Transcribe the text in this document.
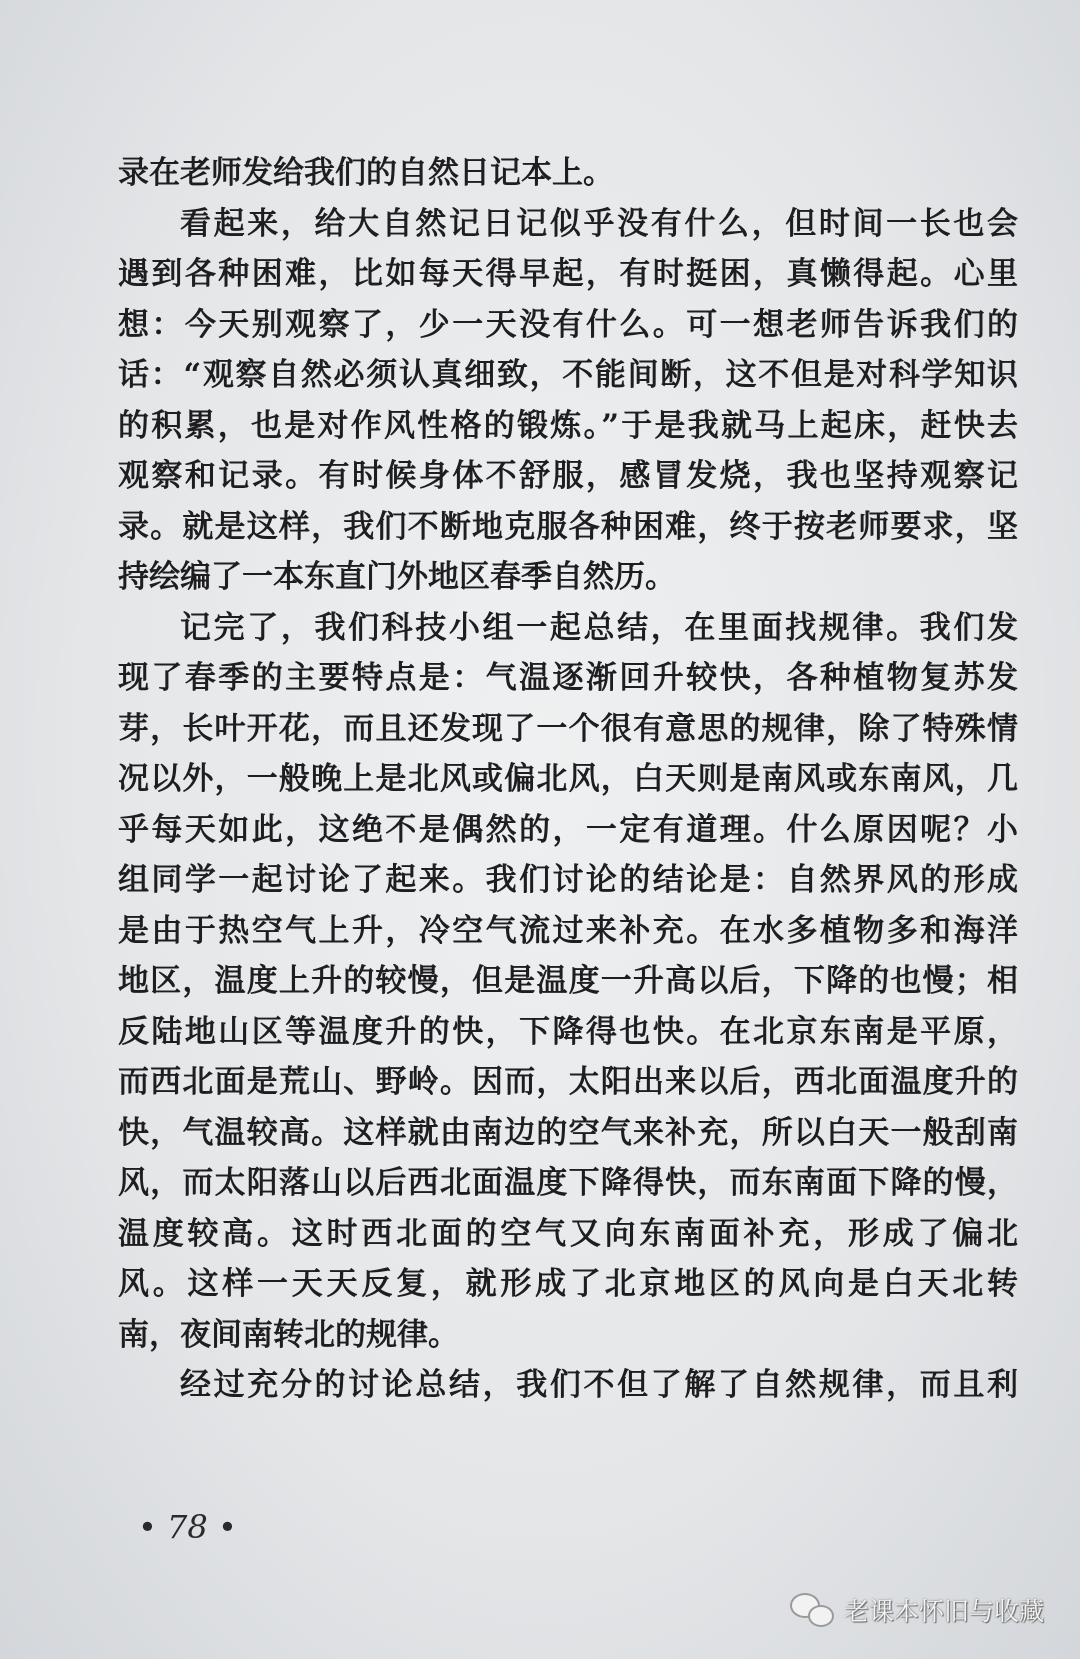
录在老师发给我们的自然日记本上。
看起来，给大自然记日记似乎没有什么，但时间一长也会
遇到各种困难，比如每天得早起，有时挺困，真懒得起。心里
想：今天别观察了，少一天没有什么。可一想老师告诉我们的
话：“观察自然必须认真细致，不能间断，这不但是对科学知识
的积累，也是对作风性格的锻炼。”于是我就马上起床，赶快去
观察和记录。有时候身体不舒服，感冒发烧，我也坚持观察记
录。就是这样，我们不断地克服各种困难，终于按老师要求，坚
持绘编了一本东直门外地区春季自然历。
记完了，我们科技小组一起总结，在里面找规律。我们发
现了春季的主要特点是：气温逐渐回升较快，各种植物复苏发
芽，长叶开花，而且还发现了一个很有意思的规律，除了特殊情
况以外，一般晚上是北风或偏北风，白天则是南风或东南风，几
乎每天如此，这绝不是偶然的，一定有道理。什么原因呢？小
组同学一起讨论了起来。我们讨论的结论是：自然界风的形成
是由于热空气上升，冷空气流过来补充。在水多植物多和海洋
地区，温度上升的较慢，但是温度一升高以后，下降的也慢；相
反陆地山区等温度升的快，下降得也快。在北京东南是平原，
而西北面是荒山、野岭。因而，太阳出来以后，西北面温度升的
快，气温较高。这样就由南边的空气来补充，所以白天一般刮南
风，而太阳落山以后西北面温度下降得快，而东南面下降的慢，
温度较高。这时西北面的空气又向东南面补充，形成了偏北
风。这样一天天反复，就形成了北京地区的风向是白天北转
南，夜间南转北的规律。
经过充分的讨论总结，我们不但了解了自然规律，而且利
• 78 •
老课本怀旧与收藏
